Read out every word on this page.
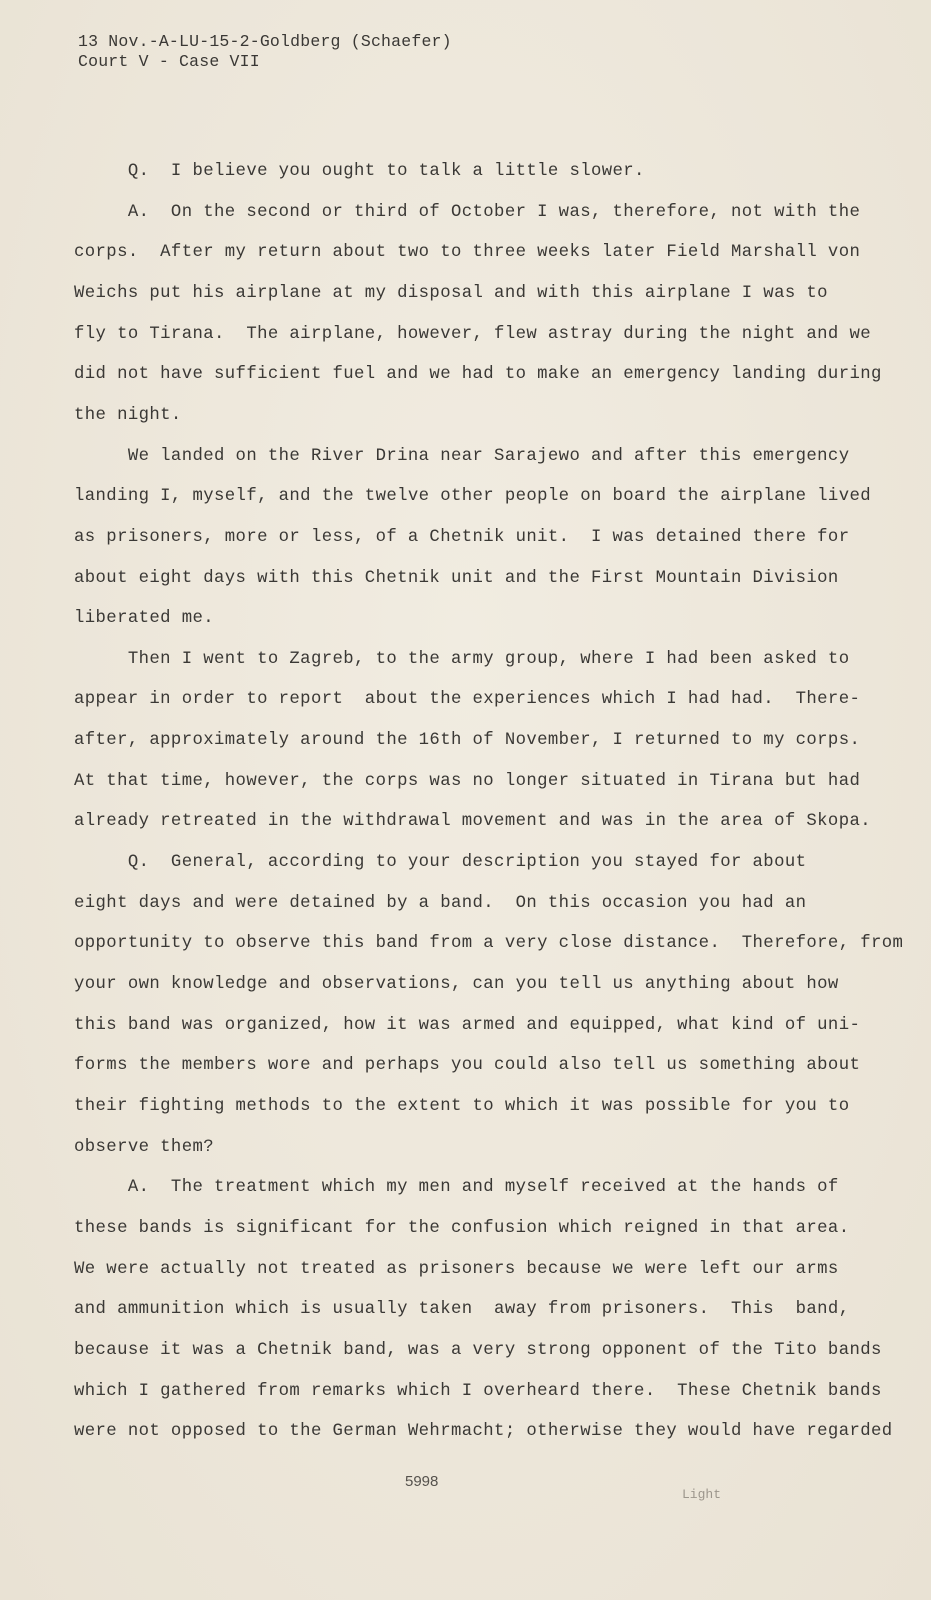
13 Nov.-A-LU-15-2-Goldberg (Schaefer)
Court V - Case VII
Q.  I believe you ought to talk a little slower.
A.  On the second or third of October I was, therefore, not with the
corps.  After my return about two to three weeks later Field Marshall von
Weichs put his airplane at my disposal and with this airplane I was to
fly to Tirana.  The airplane, however, flew astray during the night and we
did not have sufficient fuel and we had to make an emergency landing during
the night.
We landed on the River Drina near Sarajewo and after this emergency
landing I, myself, and the twelve other people on board the airplane lived
as prisoners, more or less, of a Chetnik unit.  I was detained there for
about eight days with this Chetnik unit and the First Mountain Division
liberated me.
Then I went to Zagreb, to the army group, where I had been asked to
appear in order to report  about the experiences which I had had.  There-
after, approximately around the 16th of November, I returned to my corps.
At that time, however, the corps was no longer situated in Tirana but had
already retreated in the withdrawal movement and was in the area of Skopa.
Q.  General, according to your description you stayed for about
eight days and were detained by a band.  On this occasion you had an
opportunity to observe this band from a very close distance.  Therefore, from
your own knowledge and observations, can you tell us anything about how
this band was organized, how it was armed and equipped, what kind of uni-
forms the members wore and perhaps you could also tell us something about
their fighting methods to the extent to which it was possible for you to
observe them?
A.  The treatment which my men and myself received at the hands of
these bands is significant for the confusion which reigned in that area.
We were actually not treated as prisoners because we were left our arms
and ammunition which is usually taken  away from prisoners.  This  band,
because it was a Chetnik band, was a very strong opponent of the Tito bands
which I gathered from remarks which I overheard there.  These Chetnik bands
were not opposed to the German Wehrmacht; otherwise they would have regarded
5998
Light
